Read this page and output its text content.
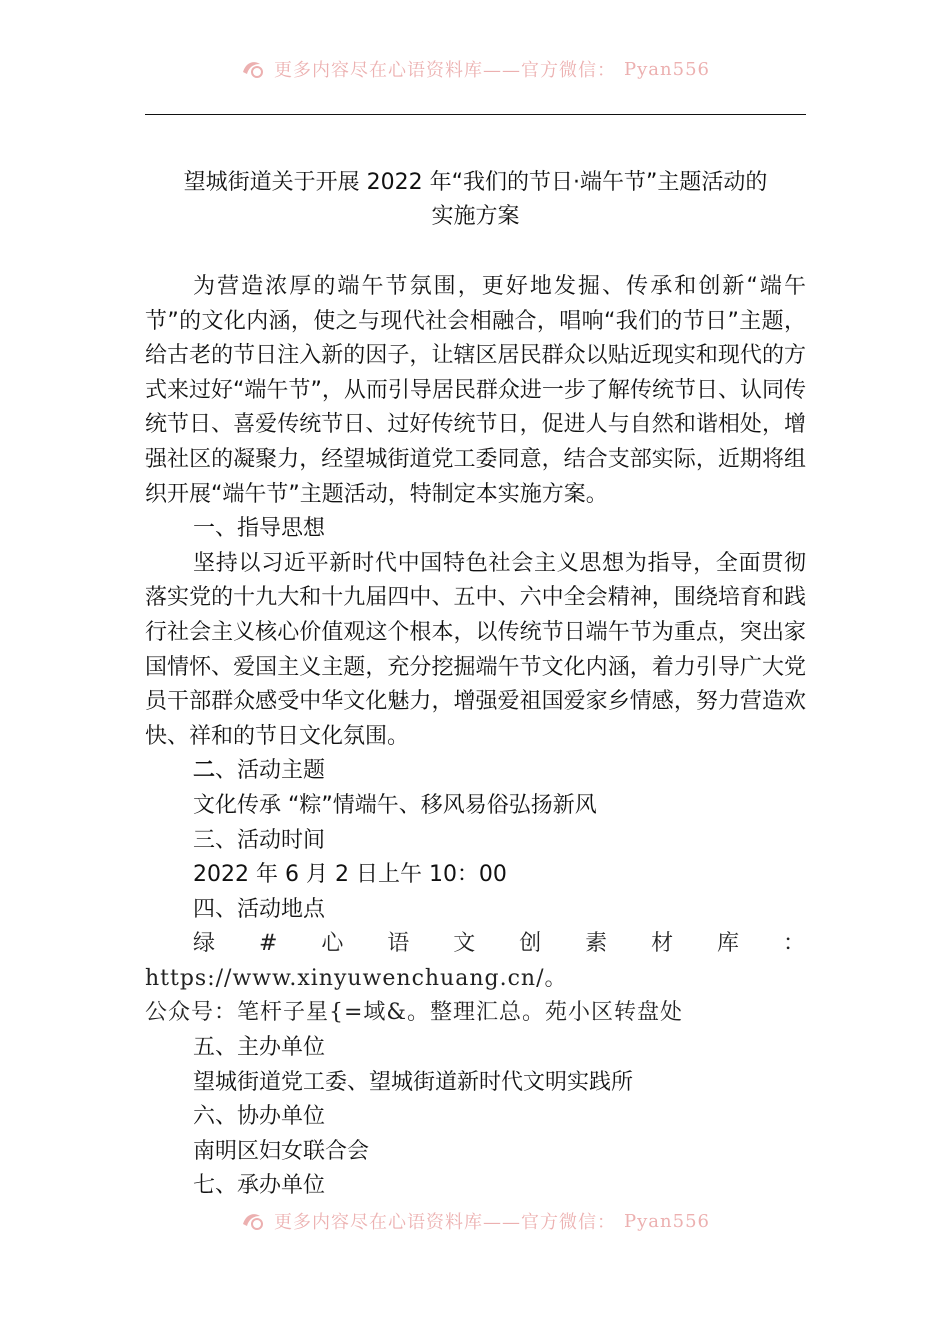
更多内容尽在心语资料库——官方微信： Pyan556
望城街道关于开展 2022 年“我们的节日·端午节”主题活动的
实施方案

为营造浓厚的端午节氛围，更好地发掘、传承和创新“端午节”的文化内涵，使之与现代社会相融合，唱响“我们的节日”主题，给古老的节日注入新的因子，让辖区居民群众以贴近现实和现代的方式来过好“端午节”，从而引导居民群众进一步了解传统节日、认同传统节日、喜爱传统节日、过好传统节日，促进人与自然和谐相处，增强社区的凝聚力，经望城街道党工委同意，结合支部实际，近期将组织开展“端午节”主题活动，特制定本实施方案。

一、指导思想

坚持以习近平新时代中国特色社会主义思想为指导，全面贯彻落实党的十九大和十九届四中、五中、六中全会精神，围绕培育和践行社会主义核心价值观这个根本，以传统节日端午节为重点，突出家国情怀、爱国主义主题，充分挖掘端午节文化内涵，着力引导广大党员干部群众感受中华文化魅力，增强爱祖国爱家乡情感，努力营造欢快、祥和的节日文化氛围。

二、活动主题

文化传承 “粽”情端午、移风易俗弘扬新风

三、活动时间

2022 年 6 月 2 日上午 10：00

四、活动地点

绿#心语文创素材库：https://www.xinyuwenchuang.cn/。

公众号：笔杆子星{=域&。整理汇总。苑小区转盘处

五、主办单位

望城街道党工委、望城街道新时代文明实践所

六、协办单位

南明区妇女联合会

七、承办单位

更多内容尽在心语资料库——官方微信： Pyan556
